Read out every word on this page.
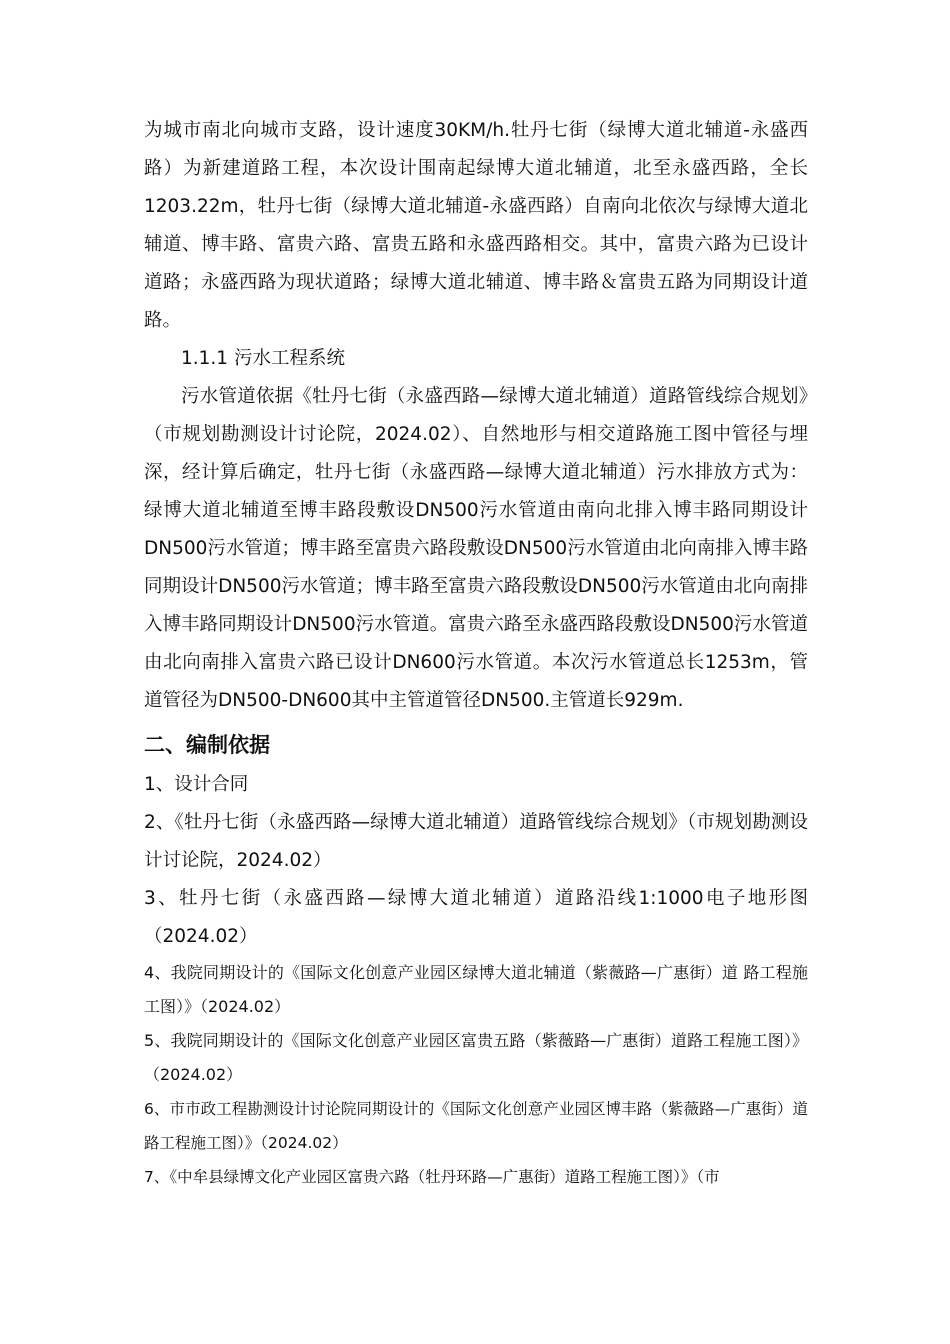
为城市南北向城市支路，设计速度30KM/h.牡丹七街（绿博大道北辅道-永盛西路）为新建道路工程，本次设计围南起绿博大道北辅道，北至永盛西路，全长1203.22m，牡丹七街（绿博大道北辅道-永盛西路）自南向北依次与绿博大道北辅道、博丰路、富贵六路、富贵五路和永盛西路相交。其中，富贵六路为已设计道路；永盛西路为现状道路；绿博大道北辅道、博丰路＆富贵五路为同期设计道路。

1.1.1 污水工程系统

污水管道依据《牡丹七街（永盛西路—绿博大道北辅道）道路管线综合规划》（市规划勘测设计讨论院，2024.02）、自然地形与相交道路施工图中管径与埋深，经计算后确定，牡丹七街（永盛西路—绿博大道北辅道）污水排放方式为：绿博大道北辅道至博丰路段敷设DN500污水管道由南向北排入博丰路同期设计DN500污水管道；博丰路至富贵六路段敷设DN500污水管道由北向南排入博丰路同期设计DN500污水管道；博丰路至富贵六路段敷设DN500污水管道由北向南排入博丰路同期设计DN500污水管道。富贵六路至永盛西路段敷设DN500污水管道由北向南排入富贵六路已设计DN600污水管道。本次污水管道总长1253m，管道管径为DN500-DN600其中主管道管径DN500.主管道长929m.

二、编制依据

1、设计合同

2、《牡丹七街（永盛西路—绿博大道北辅道）道路管线综合规划》（市规划勘测设计讨论院，2024.02）

3、牡丹七街（永盛西路—绿博大道北辅道）道路沿线1:1000电子地形图（2024.02）

4、我院同期设计的《国际文化创意产业园区绿博大道北辅道（紫薇路—广惠街）道 路工程施工图）》（2024.02）

5、我院同期设计的《国际文化创意产业园区富贵五路（紫薇路—广惠街）道路工程施工图）》（2024.02）

6、市市政工程勘测设计讨论院同期设计的《国际文化创意产业园区博丰路（紫薇路—广惠街）道路工程施工图）》（2024.02）

7、《中牟县绿博文化产业园区富贵六路（牡丹环路—广惠街）道路工程施工图）》（市
